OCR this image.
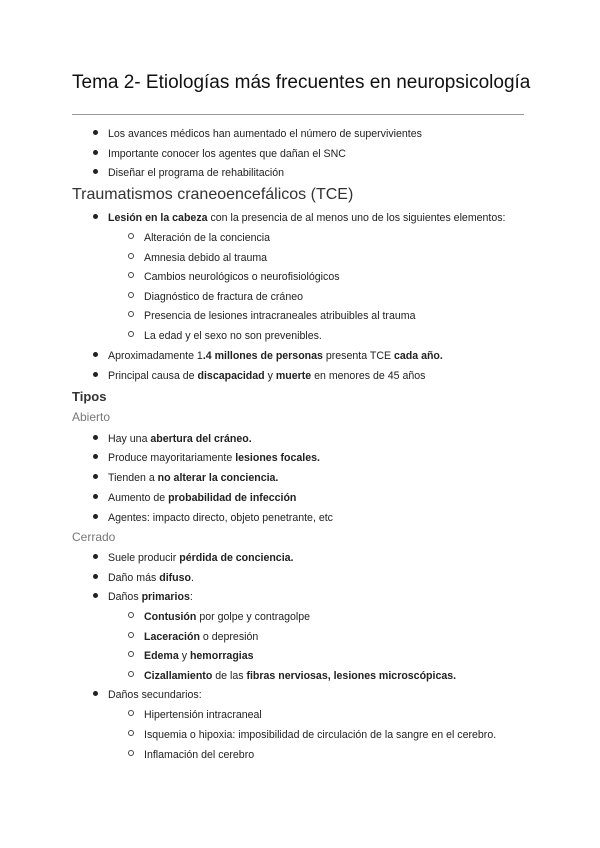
Tema 2- Etiologías más frecuentes en neuropsicología
Los avances médicos han aumentado el número de supervivientes
Importante conocer los agentes que dañan el SNC
Diseñar el programa de rehabilitación
Traumatismos craneoencefálicos (TCE)
Lesión en la cabeza con la presencia de al menos uno de los siguientes elementos:
Alteración de la conciencia
Amnesia debido al trauma
Cambios neurológicos o neurofisiológicos
Diagnóstico de fractura de cráneo
Presencia de lesiones intracraneales atribuibles al trauma
La edad y el sexo no son prevenibles.
Aproximadamente 1.4 millones de personas presenta TCE cada año.
Principal causa de discapacidad y muerte en menores de 45 años
Tipos
Abierto
Hay una abertura del cráneo.
Produce mayoritariamente lesiones focales.
Tienden a no alterar la conciencia.
Aumento de probabilidad de infección
Agentes: impacto directo, objeto penetrante, etc
Cerrado
Suele producir pérdida de conciencia.
Daño más difuso.
Daños primarios:
Contusión por golpe y contragolpe
Laceración o depresión
Edema y hemorragias
Cizallamiento de las fibras nerviosas, lesiones microscópicas.
Daños secundarios:
Hipertensión intracraneal
Isquemia o hipoxia: imposibilidad de circulación de la sangre en el cerebro.
Inflamación del cerebro
